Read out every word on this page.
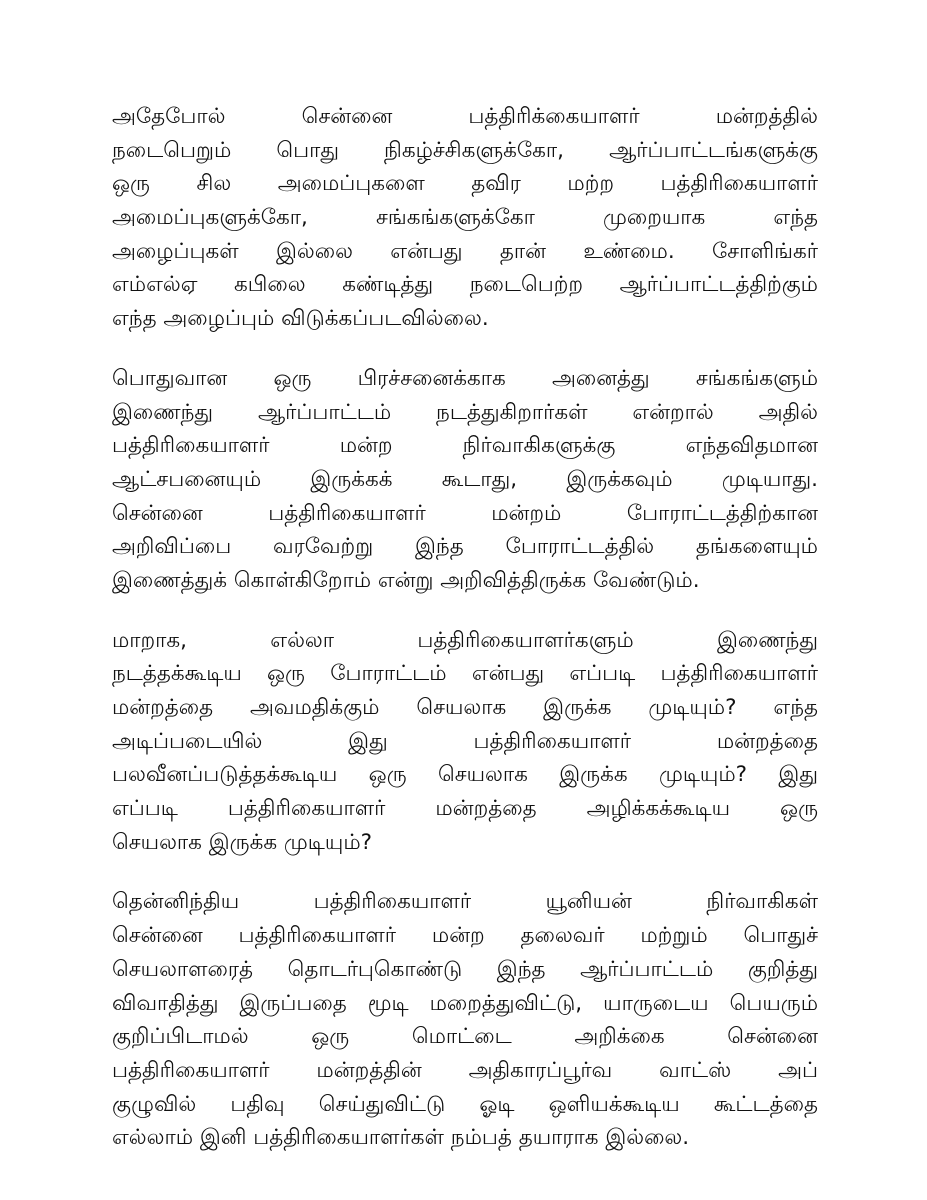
அதேபோல் சென்னை பத்திரிக்கையாளர் மன்றத்தில்
நடைபெறும் பொது நிகழ்ச்சிகளுக்கோ, ஆர்ப்பாட்டங்களுக்கு
ஒரு சில அமைப்புகளை தவிர மற்ற பத்திரிகையாளர்
அமைப்புகளுக்கோ, சங்கங்களுக்கோ முறையாக எந்த
அழைப்புகள் இல்லை என்பது தான் உண்மை. சோளிங்கர்
எம்எல்ஏ கபிலை கண்டித்து நடைபெற்ற ஆர்ப்பாட்டத்திற்கும்
எந்த அழைப்பும் விடுக்கப்படவில்லை.
பொதுவான ஒரு பிரச்சனைக்காக அனைத்து சங்கங்களும்
இணைந்து ஆர்ப்பாட்டம் நடத்துகிறார்கள் என்றால் அதில்
பத்திரிகையாளர் மன்ற நிர்வாகிகளுக்கு எந்தவிதமான
ஆட்சபனையும் இருக்கக் கூடாது, இருக்கவும் முடியாது.
சென்னை பத்திரிகையாளர் மன்றம் போராட்டத்திற்கான
அறிவிப்பை வரவேற்று இந்த போராட்டத்தில் தங்களையும்
இணைத்துக் கொள்கிறோம் என்று அறிவித்திருக்க வேண்டும்.
மாறாக, எல்லா பத்திரிகையாளர்களும் இணைந்து
நடத்தக்கூடிய ஒரு போராட்டம் என்பது எப்படி பத்திரிகையாளர்
மன்றத்தை அவமதிக்கும் செயலாக இருக்க முடியும்? எந்த
அடிப்படையில் இது பத்திரிகையாளர் மன்றத்தை
பலவீனப்படுத்தக்கூடிய ஒரு செயலாக இருக்க முடியும்? இது
எப்படி பத்திரிகையாளர் மன்றத்தை அழிக்கக்கூடிய ஒரு
செயலாக இருக்க முடியும்?
தென்னிந்திய பத்திரிகையாளர் யூனியன் நிர்வாகிகள்
சென்னை பத்திரிகையாளர் மன்ற தலைவர் மற்றும் பொதுச்
செயலாளரைத் தொடர்புகொண்டு இந்த ஆர்ப்பாட்டம் குறித்து
விவாதித்து இருப்பதை மூடி மறைத்துவிட்டு, யாருடைய பெயரும்
குறிப்பிடாமல் ஒரு மொட்டை அறிக்கை சென்னை
பத்திரிகையாளர் மன்றத்தின் அதிகாரப்பூர்வ வாட்ஸ் அப்
குழுவில் பதிவு செய்துவிட்டு ஓடி ஒளியக்கூடிய கூட்டத்தை
எல்லாம் இனி பத்திரிகையாளர்கள் நம்பத் தயாராக இல்லை.
